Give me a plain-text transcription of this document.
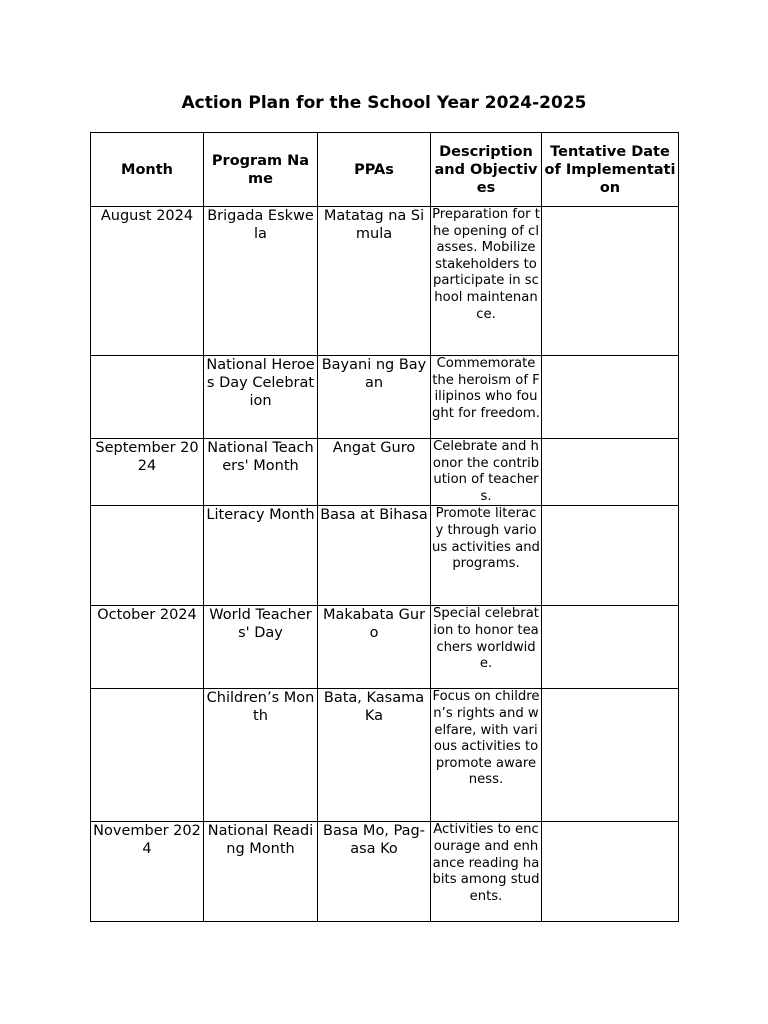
Action Plan for the School Year 2024-2025
Month	Program Name	PPAs	Description and Objectives	Tentative Date of Implementation
August 2024	Brigada Eskwela	Matatag na Simula	Preparation for the opening of classes. Mobilize stakeholders to participate in school maintenance.	
	National Heroes Day Celebration	Bayani ng Bayan	Commemorate the heroism of Filipinos who fought for freedom.	
September 2024	National Teachers' Month	Angat Guro	Celebrate and honor the contribution of teachers.	
	Literacy Month	Basa at Bihasa	Promote literacy through various activities and programs.	
October 2024	World Teachers' Day	Makabata Guro	Special celebration to honor teachers worldwide.	
	Children’s Month	Bata, Kasama Ka	Focus on children’s rights and welfare, with various activities to promote awareness.	
November 2024	National Reading Month	Basa Mo, Pag-asa Ko	Activities to encourage and enhance reading habits among students.	
